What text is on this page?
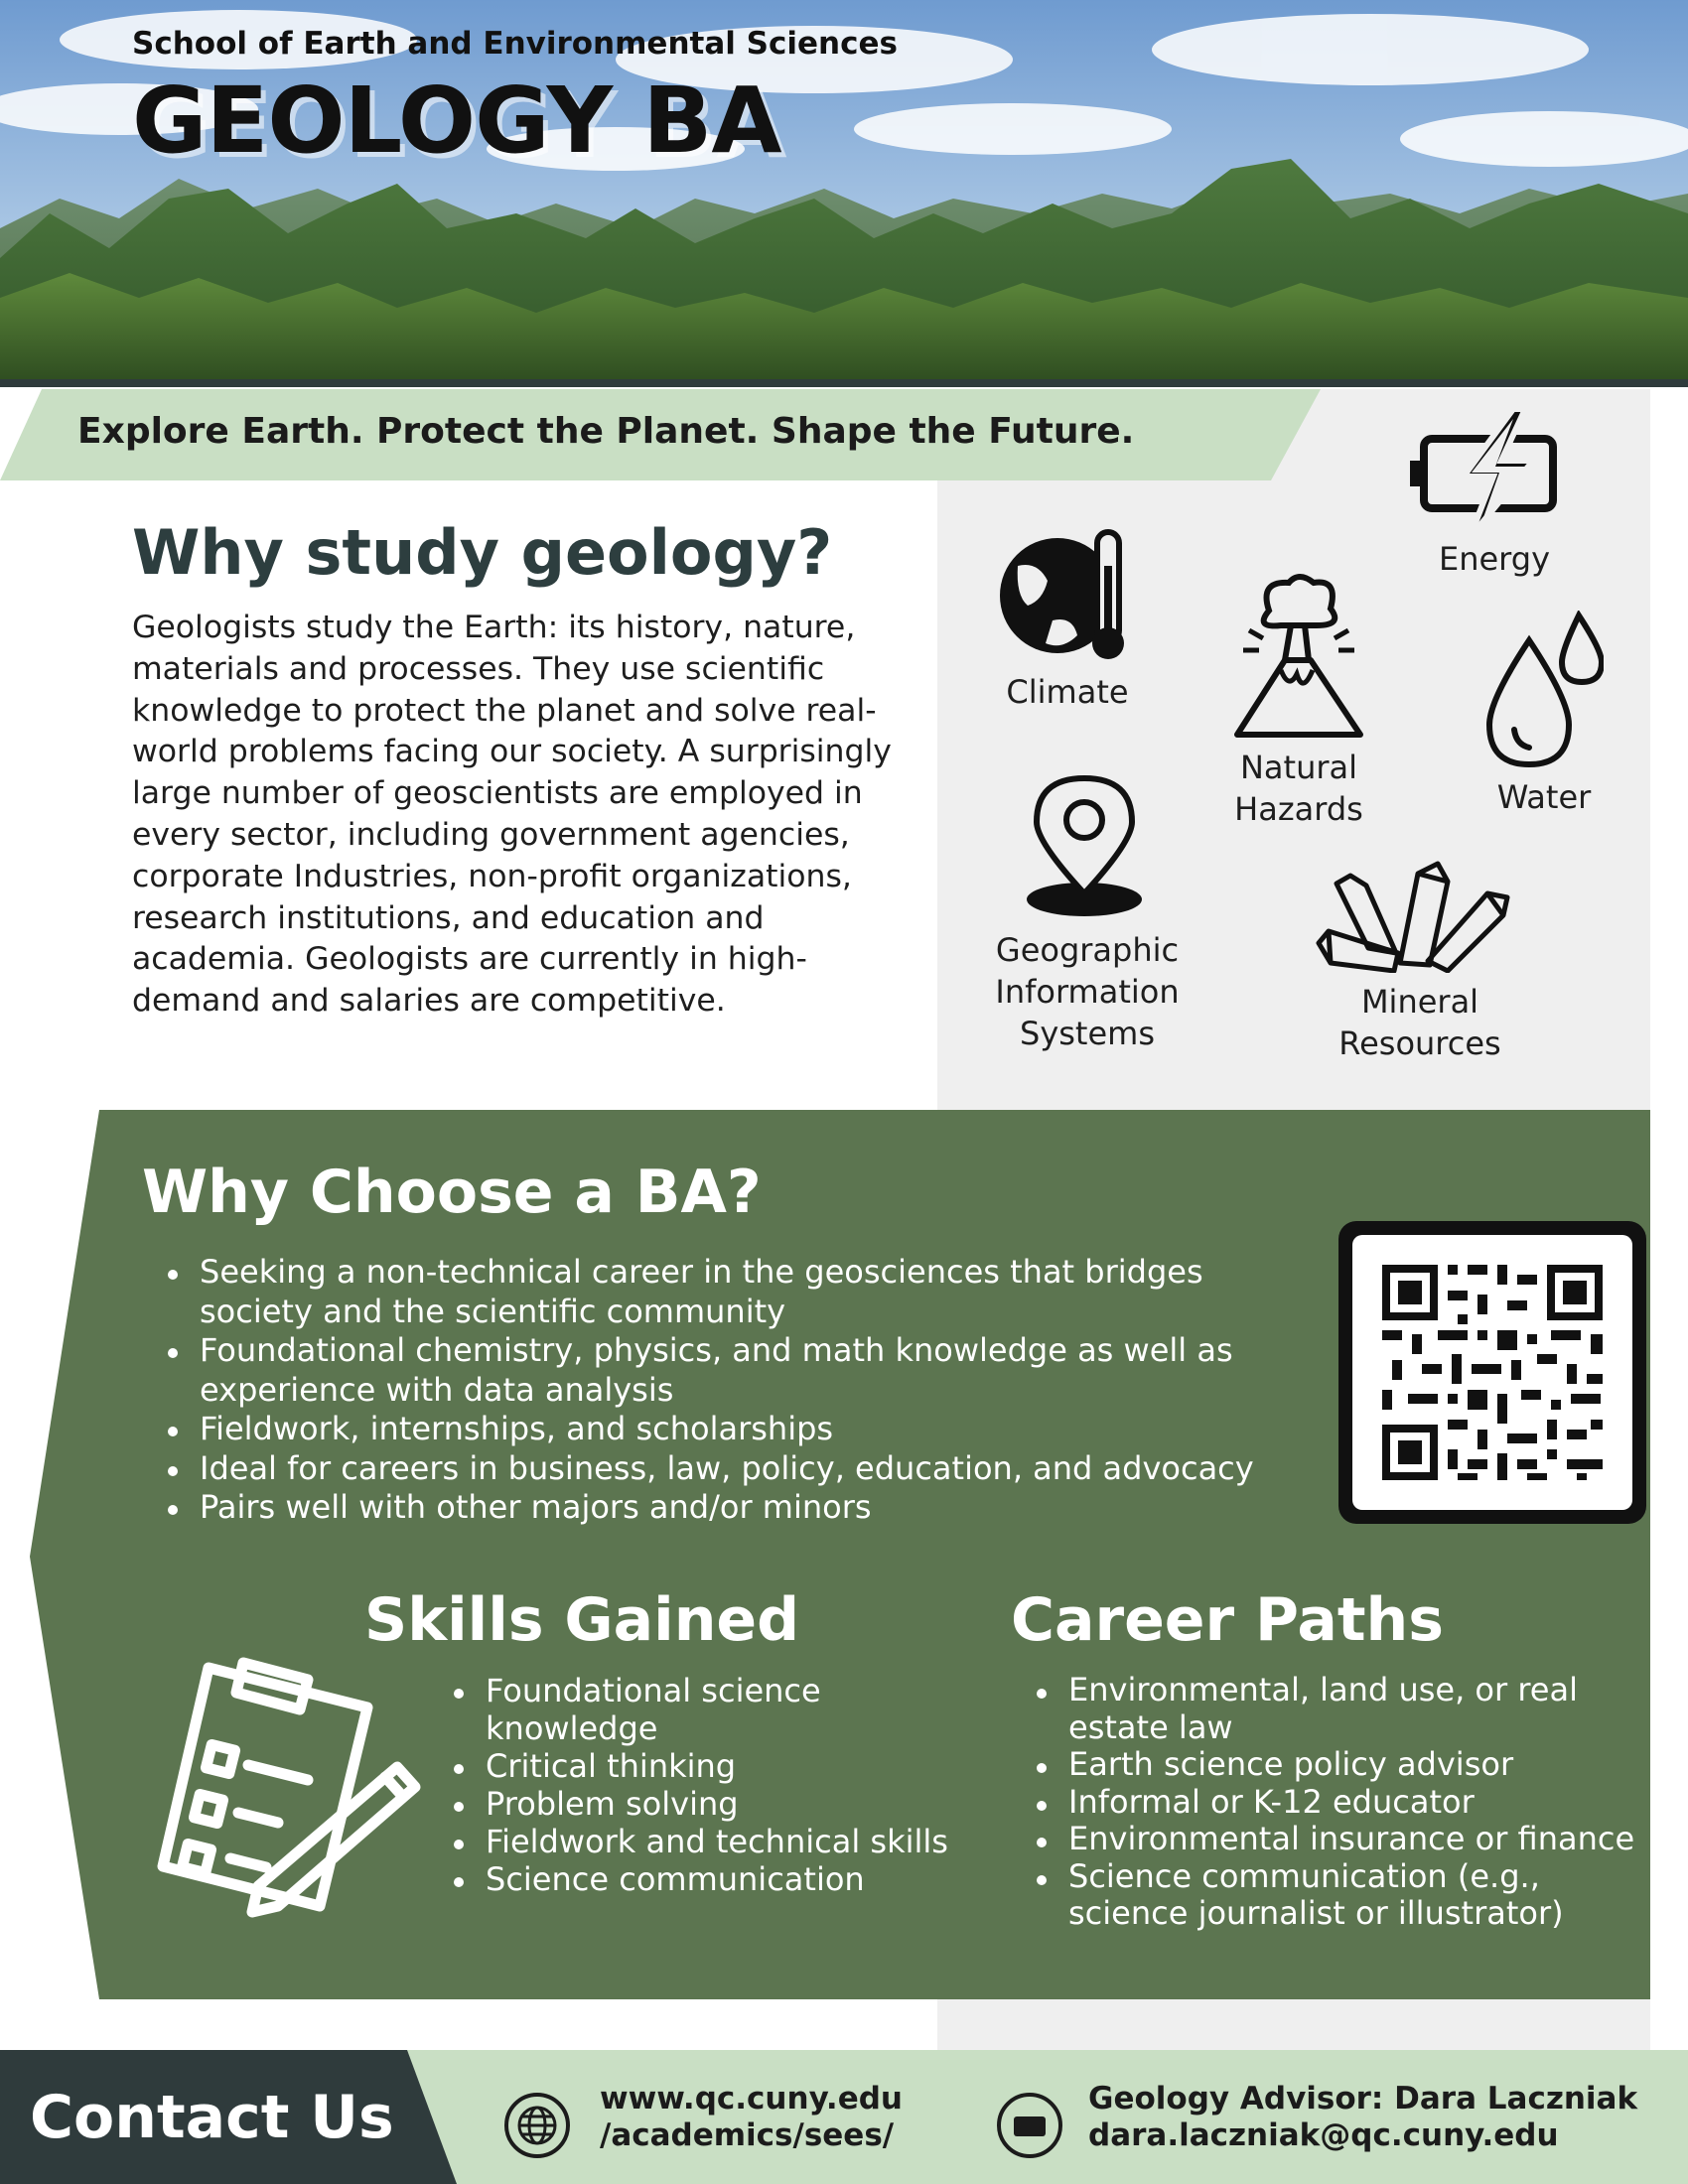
School of Earth and Environmental Sciences
GEOLOGY BA
Explore Earth. Protect the Planet. Shape the Future.
Why study geology?
Geologists study the Earth: its history, nature, materials and processes. They use scientific knowledge to protect the planet and solve real-world problems facing our society. A surprisingly large number of geoscientists are employed in every sector, including government agencies, corporate Industries, non-profit organizations, research institutions, and education and academia. Geologists are currently in high-demand and salaries are competitive.
Energy
Climate
Natural
Hazards	Water
Geographic
Information
Systems
Mineral
Resources
Why Choose a BA?
Seeking a non-technical career in the geosciences that bridges society and the scientific community
Foundational chemistry, physics, and math knowledge as well as experience with data analysis
Fieldwork, internships, and scholarships
Ideal for careers in business, law, policy, education, and advocacy
Pairs well with other majors and/or minors
Skills Gained
Foundational science knowledge
Critical thinking
Problem solving
Fieldwork and technical skills
Science communication
Career Paths
Environmental, land use, or real estate law
Earth science policy advisor
Informal or K-12 educator
Environmental insurance or finance
Science communication (e.g., science journalist or illustrator)
Contact Us	www.qc.cuny.edu
/academics/sees/
Geology Advisor: Dara Laczniak
dara.laczniak@qc.cuny.edu
